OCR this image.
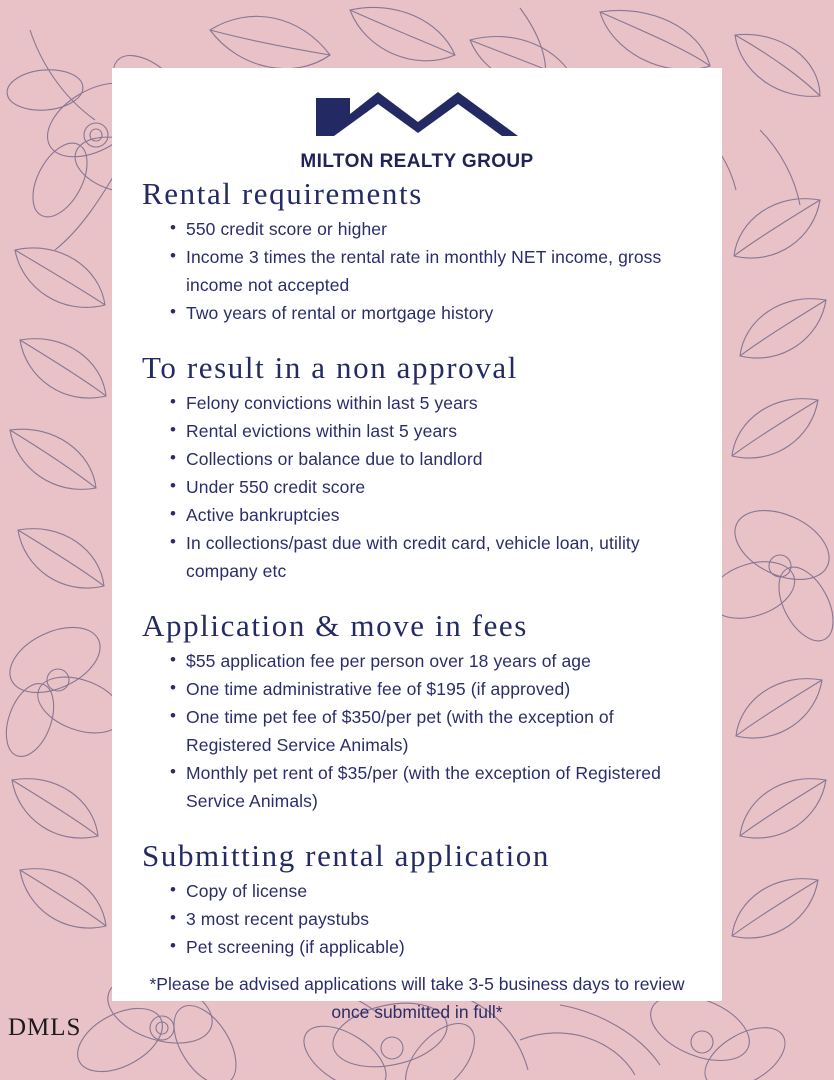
MILTON REALTY GROUP
Rental requirements
• 550 credit score or higher
• Income 3 times the rental rate in monthly NET income, gross income not accepted
• Two years of rental or mortgage history
To result in a non approval
• Felony convictions within last 5 years
• Rental evictions within last 5 years
• Collections or balance due to landlord
• Under 550 credit score
• Active bankruptcies
• In collections/past due with credit card, vehicle loan, utility company etc
Application & move in fees
• $55 application fee per person over 18 years of age
• One time administrative fee of $195 (if approved)
• One time pet fee of $350/per pet (with the exception of Registered Service Animals)
• Monthly pet rent of $35/per (with the exception of Registered Service Animals)
Submitting rental application
• Copy of license
• 3 most recent paystubs
• Pet screening (if applicable)
*Please be advised applications will take 3-5 business days to review once submitted in full*
DMLS
